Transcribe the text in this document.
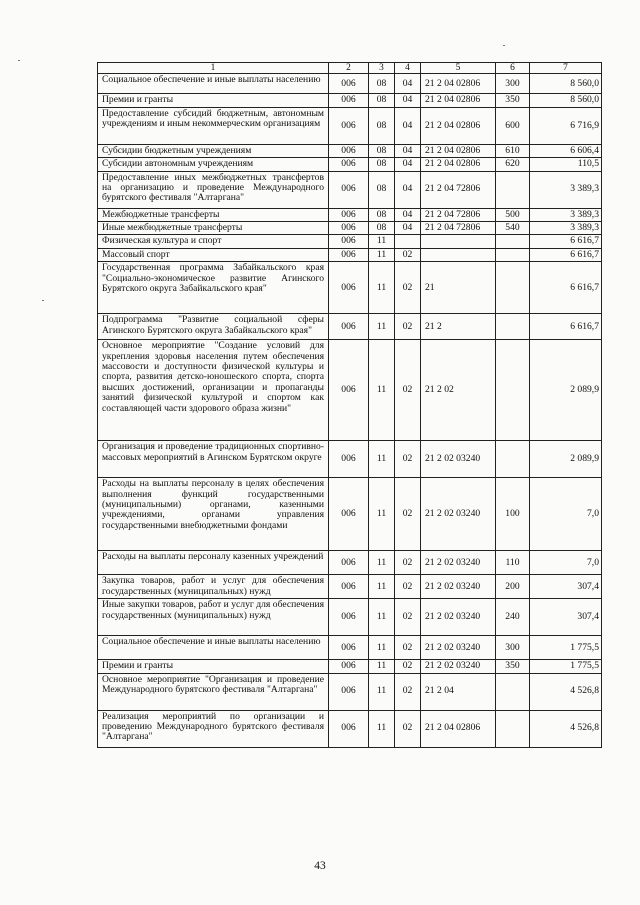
1	2	3	4	5	6	7
Социальное обеспечение и иные выплаты населению	006	08	04	21 2 04 02806	300	8 560,0
Премии и гранты	006	08	04	21 2 04 02806	350	8 560,0
Предоставление субсидий бюджетным, автономным учреждениям и иным некоммерческим организациям	006	08	04	21 2 04 02806	600	6 716,9
Субсидии бюджетным учреждениям	006	08	04	21 2 04 02806	610	6 606,4
Субсидии автономным учреждениям	006	08	04	21 2 04 02806	620	110,5
Предоставление иных межбюджетных трансфертов на организацию и проведение Международного бурятского фестиваля "Алтаргана"	006	08	04	21 2 04 72806		3 389,3
Межбюджетные трансферты	006	08	04	21 2 04 72806	500	3 389,3
Иные межбюджетные трансферты	006	08	04	21 2 04 72806	540	3 389,3
Физическая культура и спорт	006	11				6 616,7
Массовый спорт	006	11	02			6 616,7
Государственная программа Забайкальского края "Социально-экономическое развитие Агинского Бурятского округа Забайкальского края"	006	11	02	21		6 616,7
Подпрограмма "Развитие социальной сферы Агинского Бурятского округа Забайкальского края"	006	11	02	21 2		6 616,7
Основное мероприятие "Создание условий для укрепления здоровья населения путем обеспечения массовости и доступности физической культуры и спорта, развития детско-юношеского спорта, спорта высших достижений, организации и пропаганды занятий физической культурой и спортом как составляющей части здорового образа жизни"	006	11	02	21 2 02		2 089,9
Организация и проведение традиционных спортивно-массовых мероприятий в Агинском Бурятском округе	006	11	02	21 2 02 03240		2 089,9
Расходы на выплаты персоналу в целях обеспечения выполнения функций государственными (муниципальными) органами, казенными учреждениями, органами управления государственными внебюджетными фондами	006	11	02	21 2 02 03240	100	7,0
Расходы на выплаты персоналу казенных учреждений	006	11	02	21 2 02 03240	110	7,0
Закупка товаров, работ и услуг для обеспечения государственных (муниципальных) нужд	006	11	02	21 2 02 03240	200	307,4
Иные закупки товаров, работ и услуг для обеспечения государственных (муниципальных) нужд	006	11	02	21 2 02 03240	240	307,4
Социальное обеспечение и иные выплаты населению	006	11	02	21 2 02 03240	300	1 775,5
Премии и гранты	006	11	02	21 2 02 03240	350	1 775,5
Основное мероприятие "Организация и проведение Международного бурятского фестиваля "Алтаргана"	006	11	02	21 2 04		4 526,8
Реализация мероприятий по организации и проведению Международного бурятского фестиваля "Алтаргана"	006	11	02	21 2 04 02806		4 526,8
43
